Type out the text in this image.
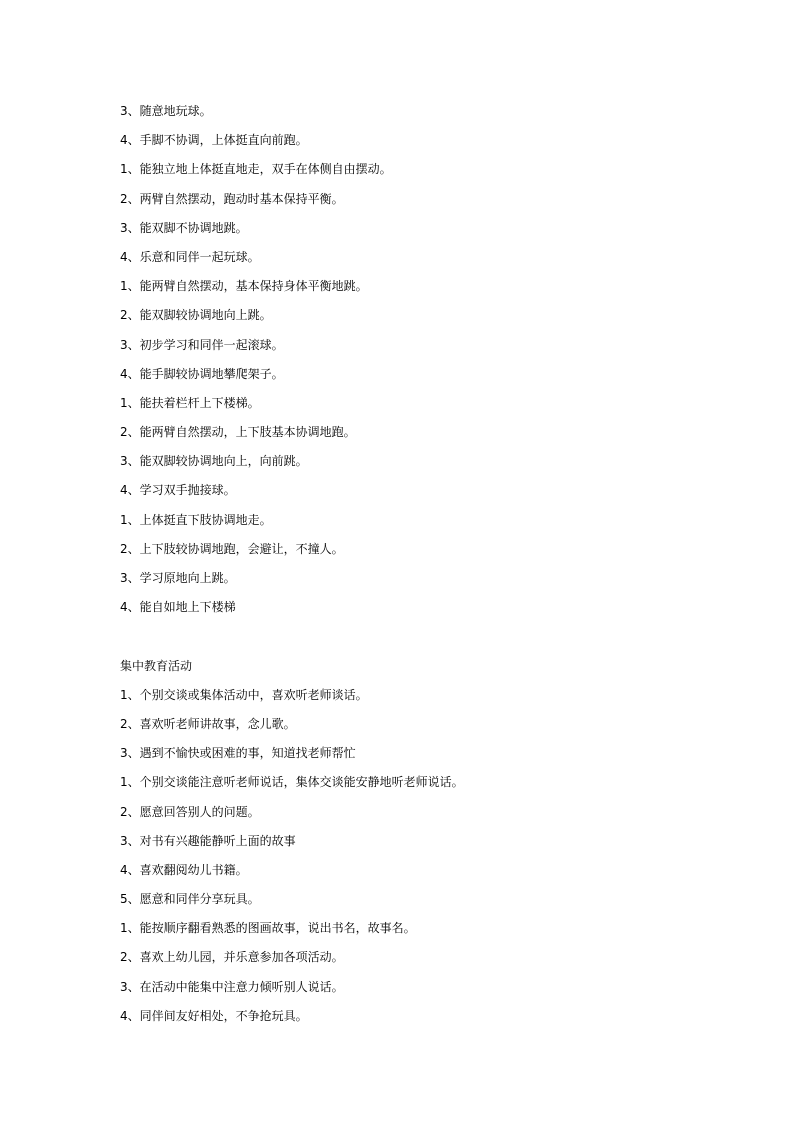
3、随意地玩球。
4、手脚不协调，上体挺直向前跑。
1、能独立地上体挺直地走，双手在体侧自由摆动。
2、两臂自然摆动，跑动时基本保持平衡。
3、能双脚不协调地跳。
4、乐意和同伴一起玩球。
1、能两臂自然摆动，基本保持身体平衡地跳。
2、能双脚较协调地向上跳。
3、初步学习和同伴一起滚球。
4、能手脚较协调地攀爬架子。
1、能扶着栏杆上下楼梯。
2、能两臂自然摆动，上下肢基本协调地跑。
3、能双脚较协调地向上，向前跳。
4、学习双手抛接球。
1、上体挺直下肢协调地走。
2、上下肢较协调地跑，会避让，不撞人。
3、学习原地向上跳。
4、能自如地上下楼梯
集中教育活动
1、个别交谈或集体活动中，喜欢听老师谈话。
2、喜欢听老师讲故事，念儿歌。
3、遇到不愉快或困难的事，知道找老师帮忙
1、个别交谈能注意听老师说话，集体交谈能安静地听老师说话。
2、愿意回答别人的问题。
3、对书有兴趣能静听上面的故事
4、喜欢翻阅幼儿书籍。
5、愿意和同伴分享玩具。
1、能按顺序翻看熟悉的图画故事，说出书名，故事名。
2、喜欢上幼儿园，并乐意参加各项活动。
3、在活动中能集中注意力倾听别人说话。
4、同伴间友好相处，不争抢玩具。
